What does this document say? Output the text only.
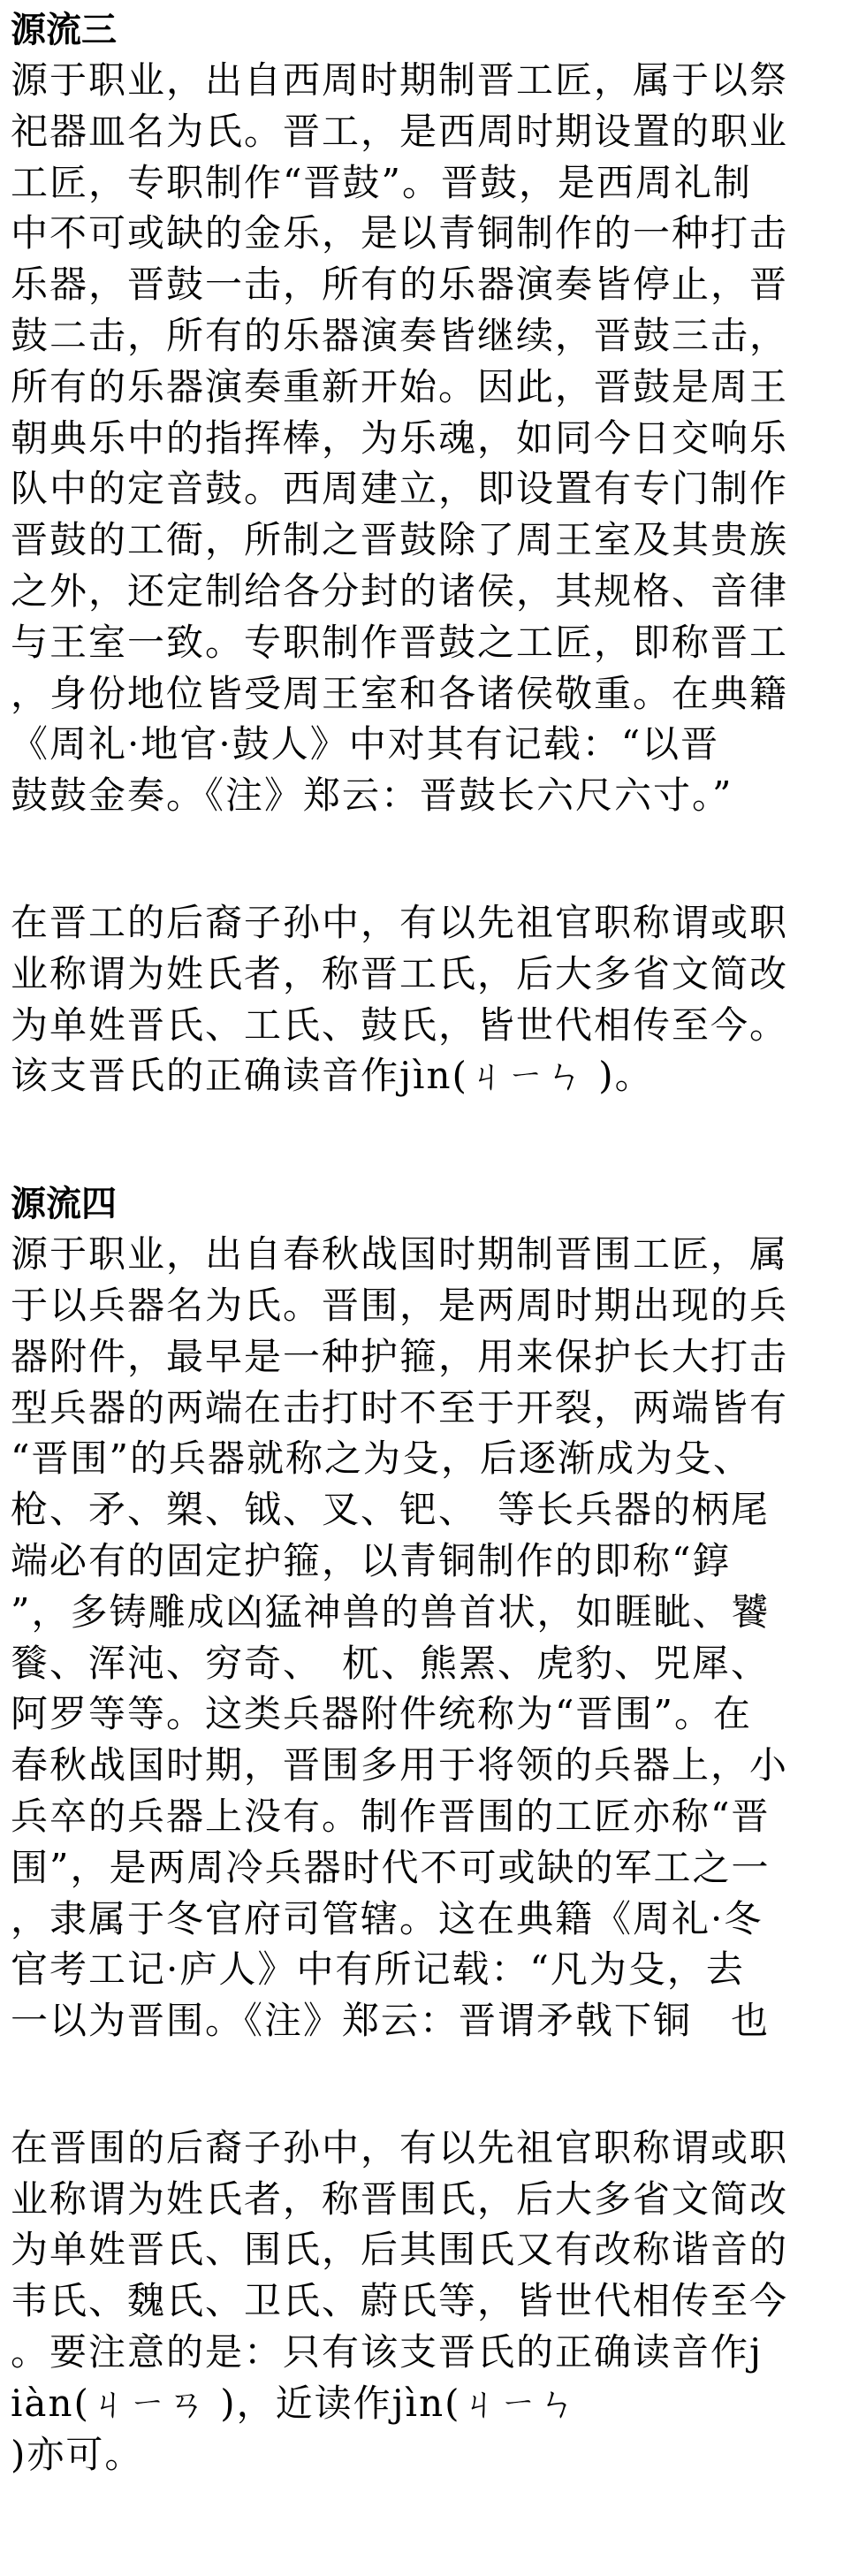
源流三

源于职业，出自西周时期制晋工匠，属于以祭

祀器皿名为氏。晋工，是西周时期设置的职业

工匠，专职制作“晋鼓”。晋鼓，是西周礼制

中不可或缺的金乐，是以青铜制作的一种打击

乐器，晋鼓一击，所有的乐器演奏皆停止，晋

鼓二击，所有的乐器演奏皆继续，晋鼓三击，

所有的乐器演奏重新开始。因此，晋鼓是周王

朝典乐中的指挥棒，为乐魂，如同今日交响乐

队中的定音鼓。西周建立，即设置有专门制作

晋鼓的工衙，所制之晋鼓除了周王室及其贵族

之外，还定制给各分封的诸侯，其规格、音律

与王室一致。专职制作晋鼓之工匠，即称晋工

，身份地位皆受周王室和各诸侯敬重。在典籍

《周礼·地官·鼓人》中对其有记载：“以晋

鼓鼓金奏。《注》郑云：晋鼓长六尺六寸。”

在晋工的后裔子孙中，有以先祖官职称谓或职

业称谓为姓氏者，称晋工氏，后大多省文简改

为单姓晋氏、工氏、鼓氏，皆世代相传至今。

该支晋氏的正确读音作jìn(ㄐㄧㄣ )。

源流四

源于职业，出自春秋战国时期制晋围工匠，属

于以兵器名为氏。晋围，是两周时期出现的兵

器附件，最早是一种护箍，用来保护长大打击

型兵器的两端在击打时不至于开裂，两端皆有

“晋围”的兵器就称之为殳，后逐渐成为殳、

枪、矛、槊、钺、叉、钯、　等长兵器的柄尾

端必有的固定护箍，以青铜制作的即称“錞

”，多铸雕成凶猛神兽的兽首状，如睚眦、饕

餮、浑沌、穷奇、　杌、熊罴、虎豹、兕犀、

阿罗等等。这类兵器附件统称为“晋围”。在

春秋战国时期，晋围多用于将领的兵器上，小

兵卒的兵器上没有。制作晋围的工匠亦称“晋

围”，是两周冷兵器时代不可或缺的军工之一

，隶属于冬官府司管辖。这在典籍《周礼·冬

官考工记·庐人》中有所记载：“凡为殳，去

一以为晋围。《注》郑云：晋谓矛戟下铜　也

在晋围的后裔子孙中，有以先祖官职称谓或职

业称谓为姓氏者，称晋围氏，后大多省文简改

为单姓晋氏、围氏，后其围氏又有改称谐音的

韦氏、魏氏、卫氏、蔚氏等，皆世代相传至今

。要注意的是：只有该支晋氏的正确读音作j

iàn(ㄐㄧㄢ )，近读作jìn(ㄐㄧㄣ

)亦可。
